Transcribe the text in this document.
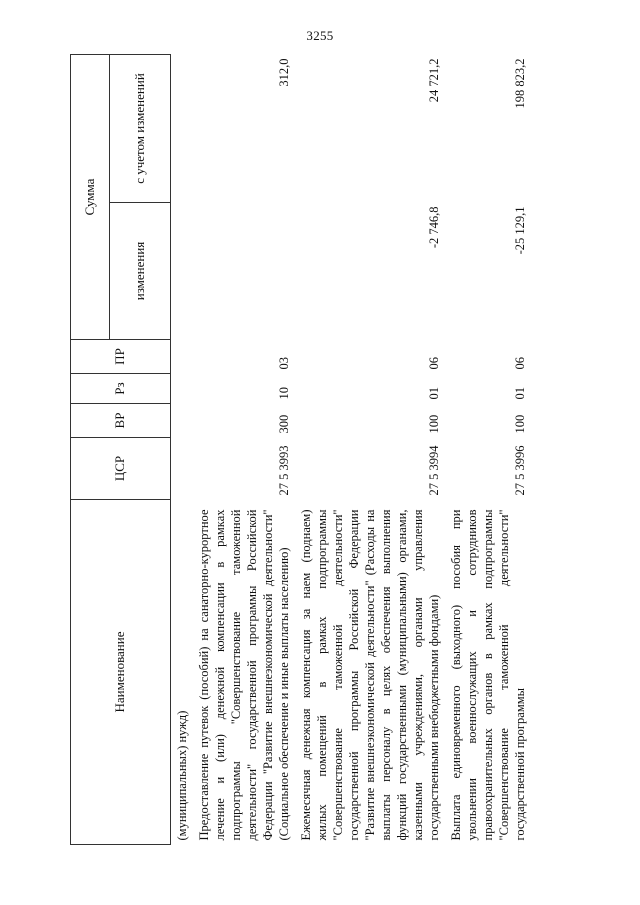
3255
Наименование	ЦСР	ВР	Рз	ПР	Сумма	
					изменения	с учетом изменений
(муниципальных) нужд)						
Предоставление путевок (пособий) на санаторно-курортное лечение и (или) денежной компенсации в рамках подпрограммы "Совершенствование таможенной деятельности" государственной программы Российской Федерации "Развитие внешнеэкономической деятельности" (Социальное обеспечение и иные выплаты населению)	27 5 3993	300	10	03		312,0
Ежемесячная денежная компенсация за наем (поднаем) жилых помещений в рамках подпрограммы "Совершенствование таможенной деятельности" государственной программы Российской Федерации "Развитие внешнеэкономической деятельности" (Расходы на выплаты персоналу в целях обеспечения выполнения функций государственными (муниципальными) органами, казенными учреждениями, органами управления государственными внебюджетными фондами)	27 5 3994	100	01	06	-2 746,8	24 721,2
Выплата единовременного (выходного) пособия при увольнении военнослужащих и сотрудников правоохранительных органов в рамках подпрограммы "Совершенствование таможенной деятельности" государственной программы	27 5 3996	100	01	06	-25 129,1	198 823,2
